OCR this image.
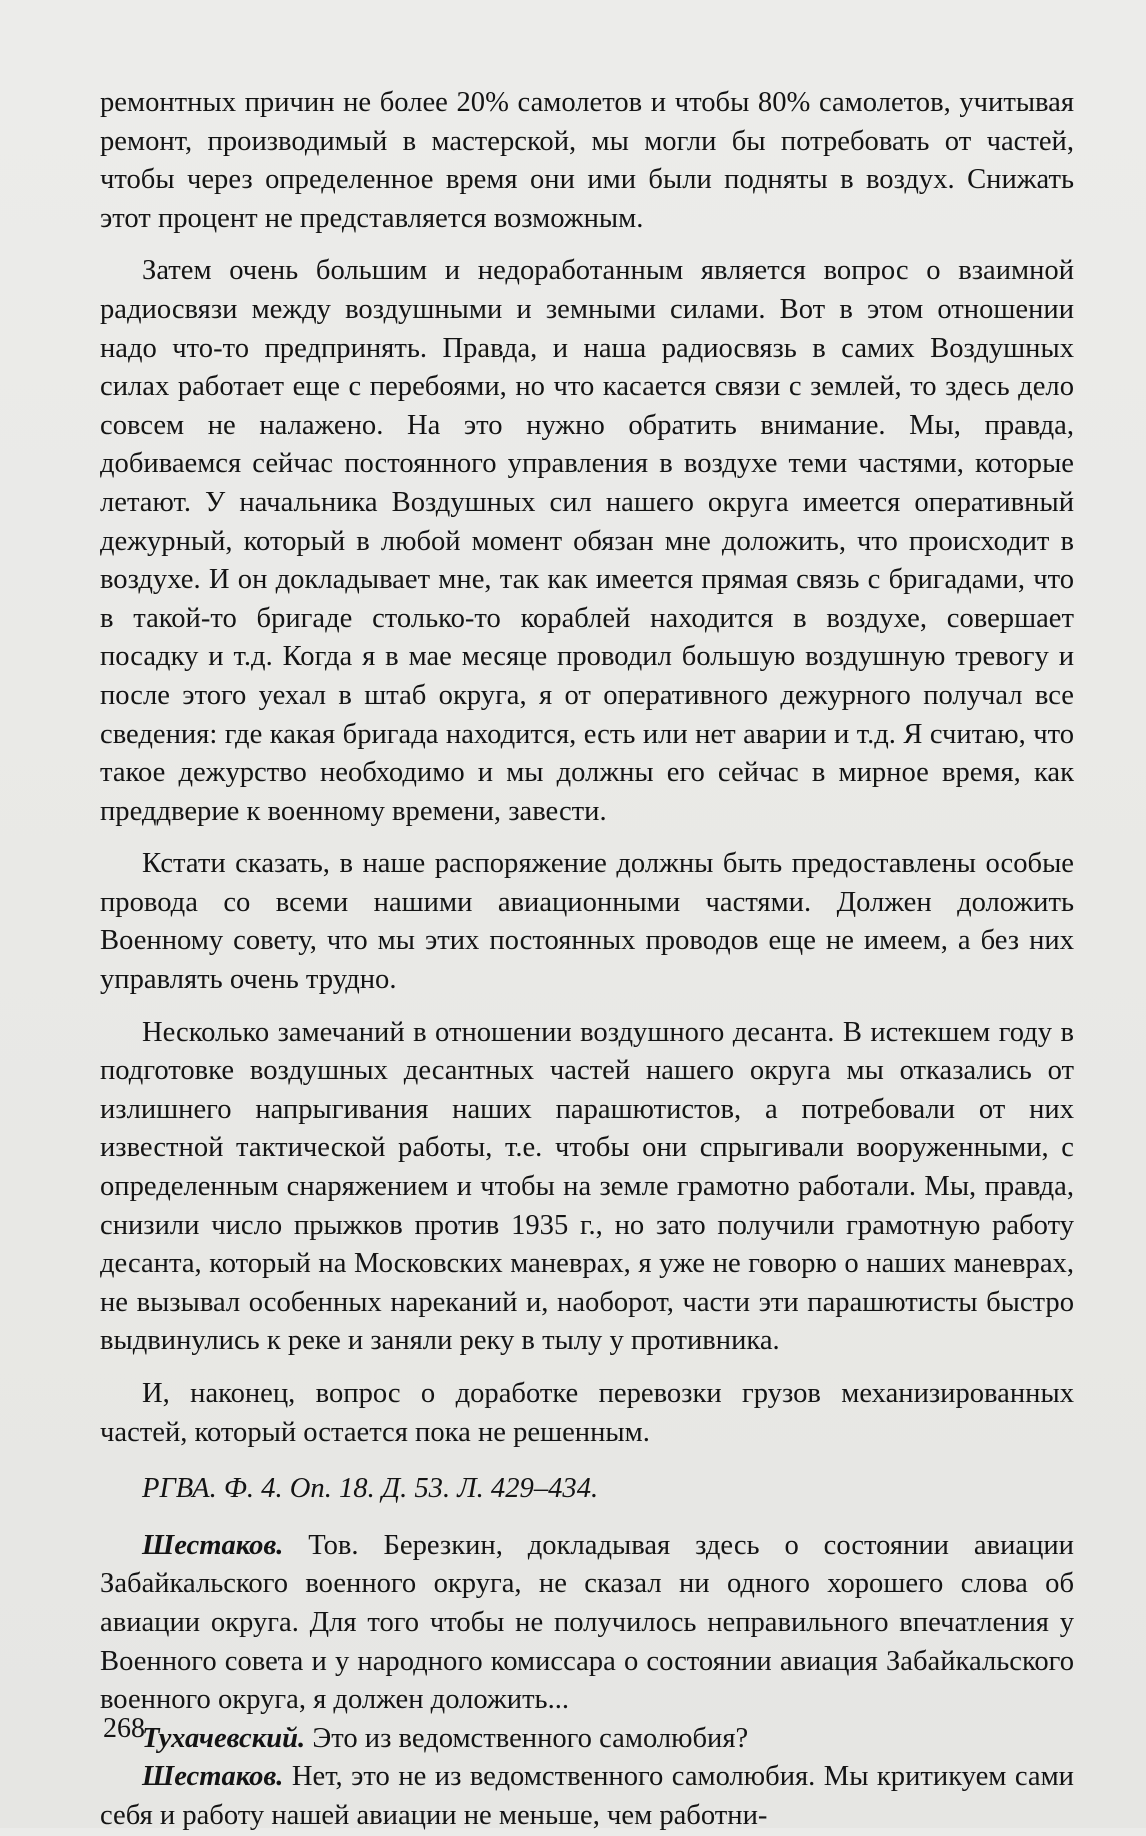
ремонтных причин не более 20% самолетов и чтобы 80% самолетов, учитывая ремонт, производимый в мастерской, мы могли бы потребовать от частей, чтобы через определенное время они ими были подняты в воздух. Снижать этот процент не представляется возможным.

Затем очень большим и недоработанным является вопрос о взаимной радиосвязи между воздушными и земными силами. Вот в этом отношении надо что-то предпринять. Правда, и наша радиосвязь в самих Воздушных силах работает еще с перебоями, но что касается связи с землей, то здесь дело совсем не налажено. На это нужно обратить внимание. Мы, правда, добиваемся сейчас постоянного управления в воздухе теми частями, которые летают. У начальника Воздушных сил нашего округа имеется оперативный дежурный, который в любой момент обязан мне доложить, что происходит в воздухе. И он докладывает мне, так как имеется прямая связь с бригадами, что в такой-то бригаде столько-то кораблей находится в воздухе, совершает посадку и т.д. Когда я в мае месяце проводил большую воздушную тревогу и после этого уехал в штаб округа, я от оперативного дежурного получал все сведения: где какая бригада находится, есть или нет аварии и т.д. Я считаю, что такое дежурство необходимо и мы должны его сейчас в мирное время, как преддверие к военному времени, завести.

Кстати сказать, в наше распоряжение должны быть предоставлены особые провода со всеми нашими авиационными частями. Должен доложить Военному совету, что мы этих постоянных проводов еще не имеем, а без них управлять очень трудно.

Несколько замечаний в отношении воздушного десанта. В истекшем году в подготовке воздушных десантных частей нашего округа мы отказались от излишнего напрыгивания наших парашютистов, а потребовали от них известной тактической работы, т.е. чтобы они спрыгивали вооруженными, с определенным снаряжением и чтобы на земле грамотно работали. Мы, правда, снизили число прыжков против 1935 г., но зато получили грамотную работу десанта, который на Московских маневрах, я уже не говорю о наших маневрах, не вызывал особенных нареканий и, наоборот, части эти парашютисты быстро выдвинулись к реке и заняли реку в тылу у противника.

И, наконец, вопрос о доработке перевозки грузов механизированных частей, который остается пока не решенным.

РГВА. Ф. 4. Оп. 18. Д. 53. Л. 429–434.

Шестаков. Тов. Березкин, докладывая здесь о состоянии авиации Забайкальского военного округа, не сказал ни одного хорошего слова об авиации округа. Для того чтобы не получилось неправильного впечатления у Военного совета и у народного комиссара о состоянии авиация Забайкальского военного округа, я должен доложить...

Тухачевский. Это из ведомственного самолюбия?

Шестаков. Нет, это не из ведомственного самолюбия. Мы критикуем сами себя и работу нашей авиации не меньше, чем работни-

268
